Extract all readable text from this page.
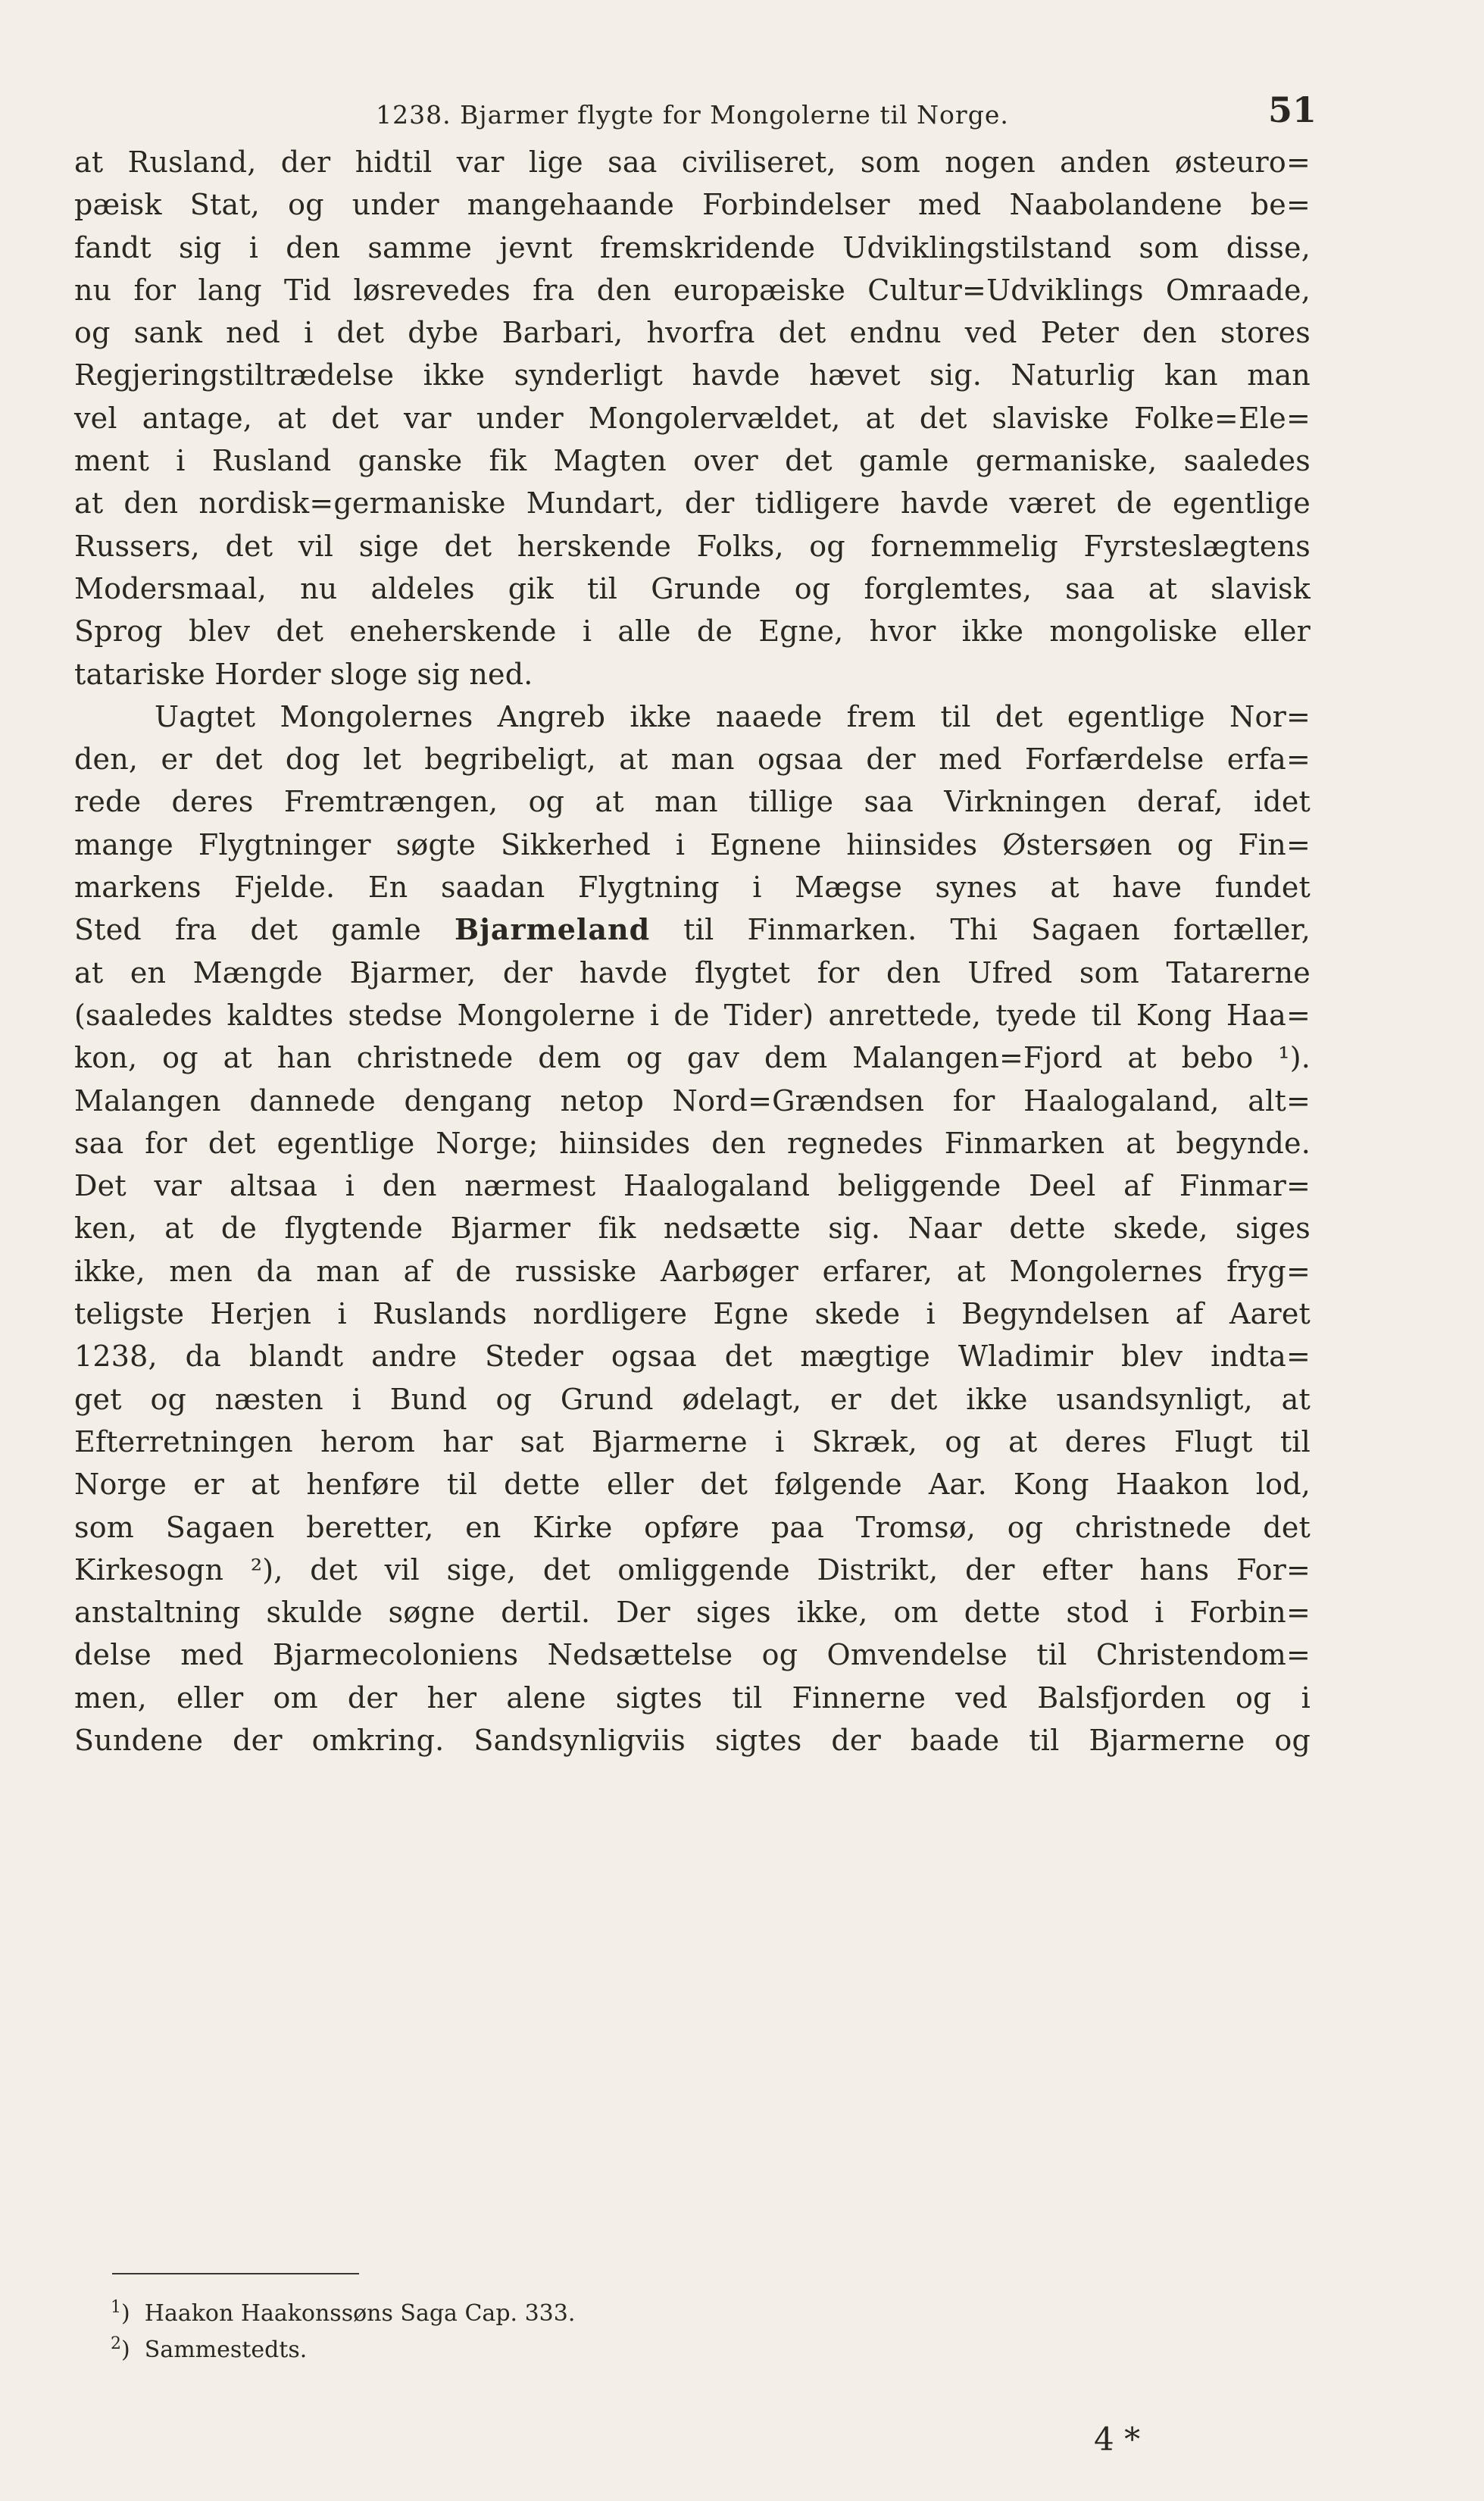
1238. Bjarmer flygte for Mongolerne til Norge.	51
at Rusland, der hidtil var lige saa civiliseret, som nogen anden østeuro=
pæisk Stat, og under mangehaande Forbindelser med Naabolandene be=
fandt sig i den samme jevnt fremskridende Udviklingstilstand som disse,
nu for lang Tid løsrevedes fra den europæiske Cultur=Udviklings Omraade,
og sank ned i det dybe Barbari, hvorfra det endnu ved Peter den stores
Regjeringstiltrædelse ikke synderligt havde hævet sig. Naturlig kan man
vel antage, at det var under Mongolervældet, at det slaviske Folke=Ele=
ment i Rusland ganske fik Magten over det gamle germaniske, saaledes
at den nordisk=germaniske Mundart, der tidligere havde været de egentlige
Russers, det vil sige det herskende Folks, og fornemmelig Fyrsteslægtens
Modersmaal, nu aldeles gik til Grunde og forglemtes, saa at slavisk
Sprog blev det eneherskende i alle de Egne, hvor ikke mongoliske eller
tatariske Horder sloge sig ned.
Uagtet Mongolernes Angreb ikke naaede frem til det egentlige Nor=
den, er det dog let begribeligt, at man ogsaa der med Forfærdelse erfa=
rede deres Fremtrængen, og at man tillige saa Virkningen deraf, idet
mange Flygtninger søgte Sikkerhed i Egnene hiinsides Østersøen og Fin=
markens Fjelde. En saadan Flygtning i Mægse synes at have fundet
Sted fra det gamle Bjarmeland til Finmarken. Thi Sagaen fortæller,
at en Mængde Bjarmer, der havde flygtet for den Ufred som Tatarerne
(saaledes kaldtes stedse Mongolerne i de Tider) anrettede, tyede til Kong Haa=
kon, og at han christnede dem og gav dem Malangen=Fjord at bebo ¹).
Malangen dannede dengang netop Nord=Grændsen for Haalogaland, alt=
saa for det egentlige Norge; hiinsides den regnedes Finmarken at begynde.
Det var altsaa i den nærmest Haalogaland beliggende Deel af Finmar=
ken, at de flygtende Bjarmer fik nedsætte sig. Naar dette skede, siges
ikke, men da man af de russiske Aarbøger erfarer, at Mongolernes fryg=
teligste Herjen i Ruslands nordligere Egne skede i Begyndelsen af Aaret
1238, da blandt andre Steder ogsaa det mægtige Wladimir blev indta=
get og næsten i Bund og Grund ødelagt, er det ikke usandsynligt, at
Efterretningen herom har sat Bjarmerne i Skræk, og at deres Flugt til
Norge er at henføre til dette eller det følgende Aar. Kong Haakon lod,
som Sagaen beretter, en Kirke opføre paa Tromsø, og christnede det
Kirkesogn ²), det vil sige, det omliggende Distrikt, der efter hans For=
anstaltning skulde søgne dertil. Der siges ikke, om dette stod i Forbin=
delse med Bjarmecoloniens Nedsættelse og Omvendelse til Christendom=
men, eller om der her alene sigtes til Finnerne ved Balsfjorden og i
Sundene der omkring. Sandsynligviis sigtes der baade til Bjarmerne og
$^1$)  Haakon Haakonssøns Saga Cap. 333.
$^2$)  Sammestedts.
4 *
